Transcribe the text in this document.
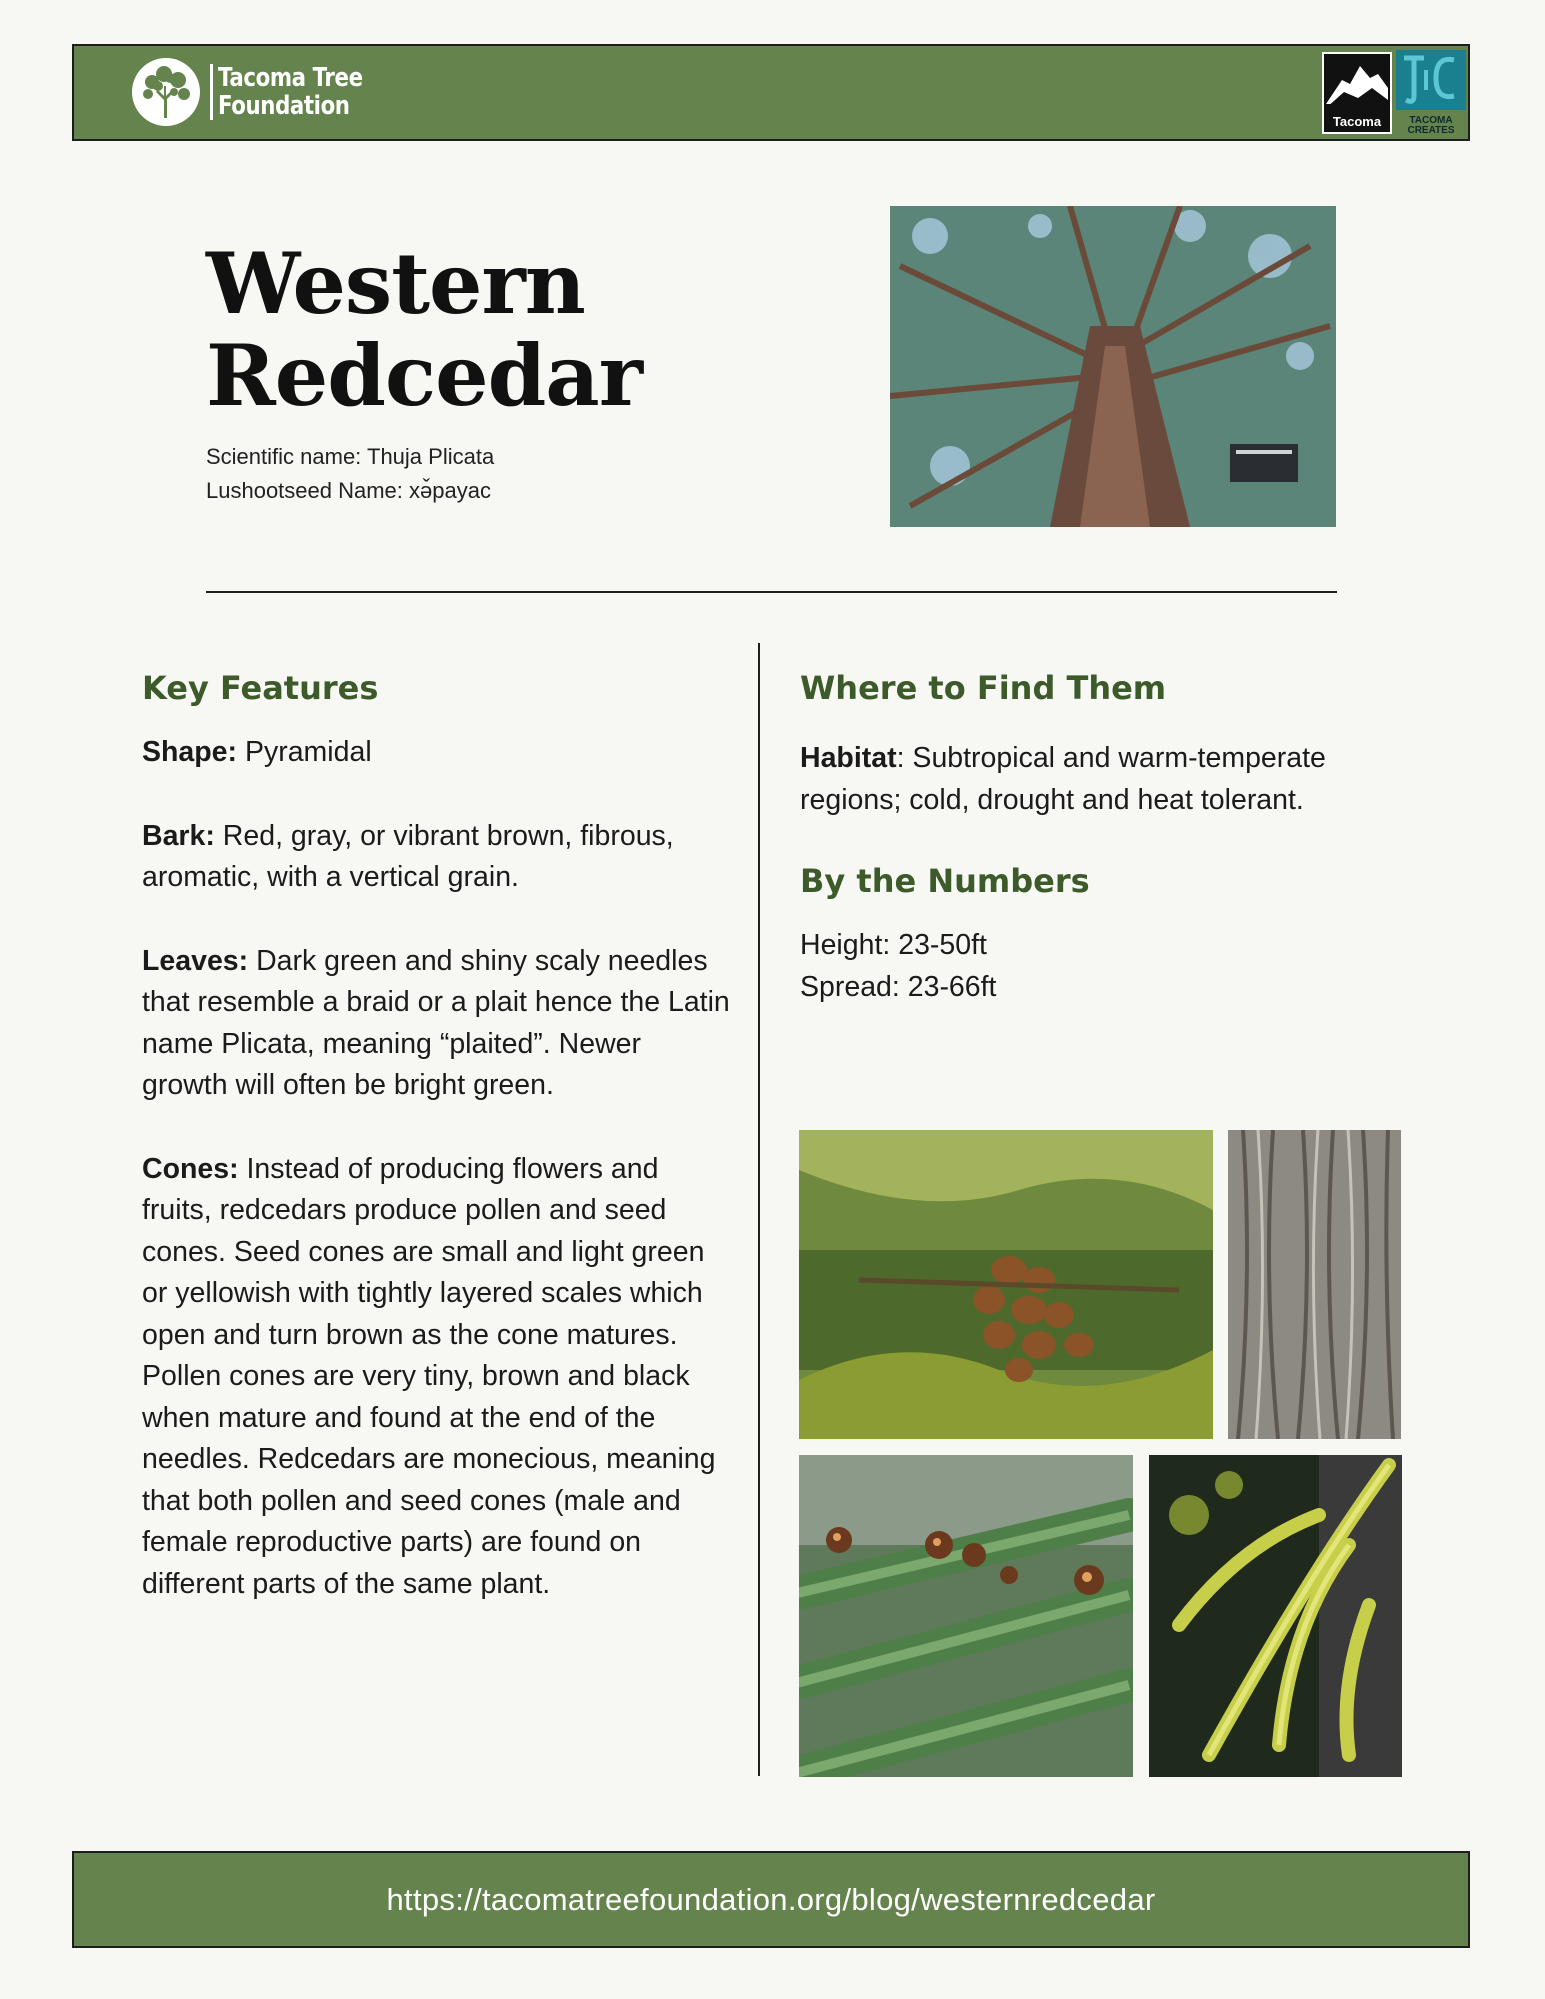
Tacoma Tree
Foundation
Tacoma	TACOMA CREATES
Western
Redcedar
Scientific name: Thuja Plicata
Lushootseed Name: xə̌payac
Key Features

Shape: Pyramidal

Bark: Red, gray, or vibrant brown, fibrous, aromatic, with a vertical grain.

Leaves: Dark green and shiny scaly needles that resemble a braid or a plait hence the Latin name Plicata, meaning “plaited”. Newer growth will often be bright green.

Cones: Instead of producing flowers and fruits, redcedars produce pollen and seed cones. Seed cones are small and light green or yellowish with tightly layered scales which open and turn brown as the cone matures. Pollen cones are very tiny, brown and black when mature and found at the end of the needles. Redcedars are monecious, meaning that both pollen and seed cones (male and female reproductive parts) are found on different parts of the same plant.

Where to Find Them

Habitat: Subtropical and warm-temperate regions; cold, drought and heat tolerant.

By the Numbers

Height: 23-50ft

Spread: 23-66ft

https://tacomatreefoundation.org/blog/westernredcedar
